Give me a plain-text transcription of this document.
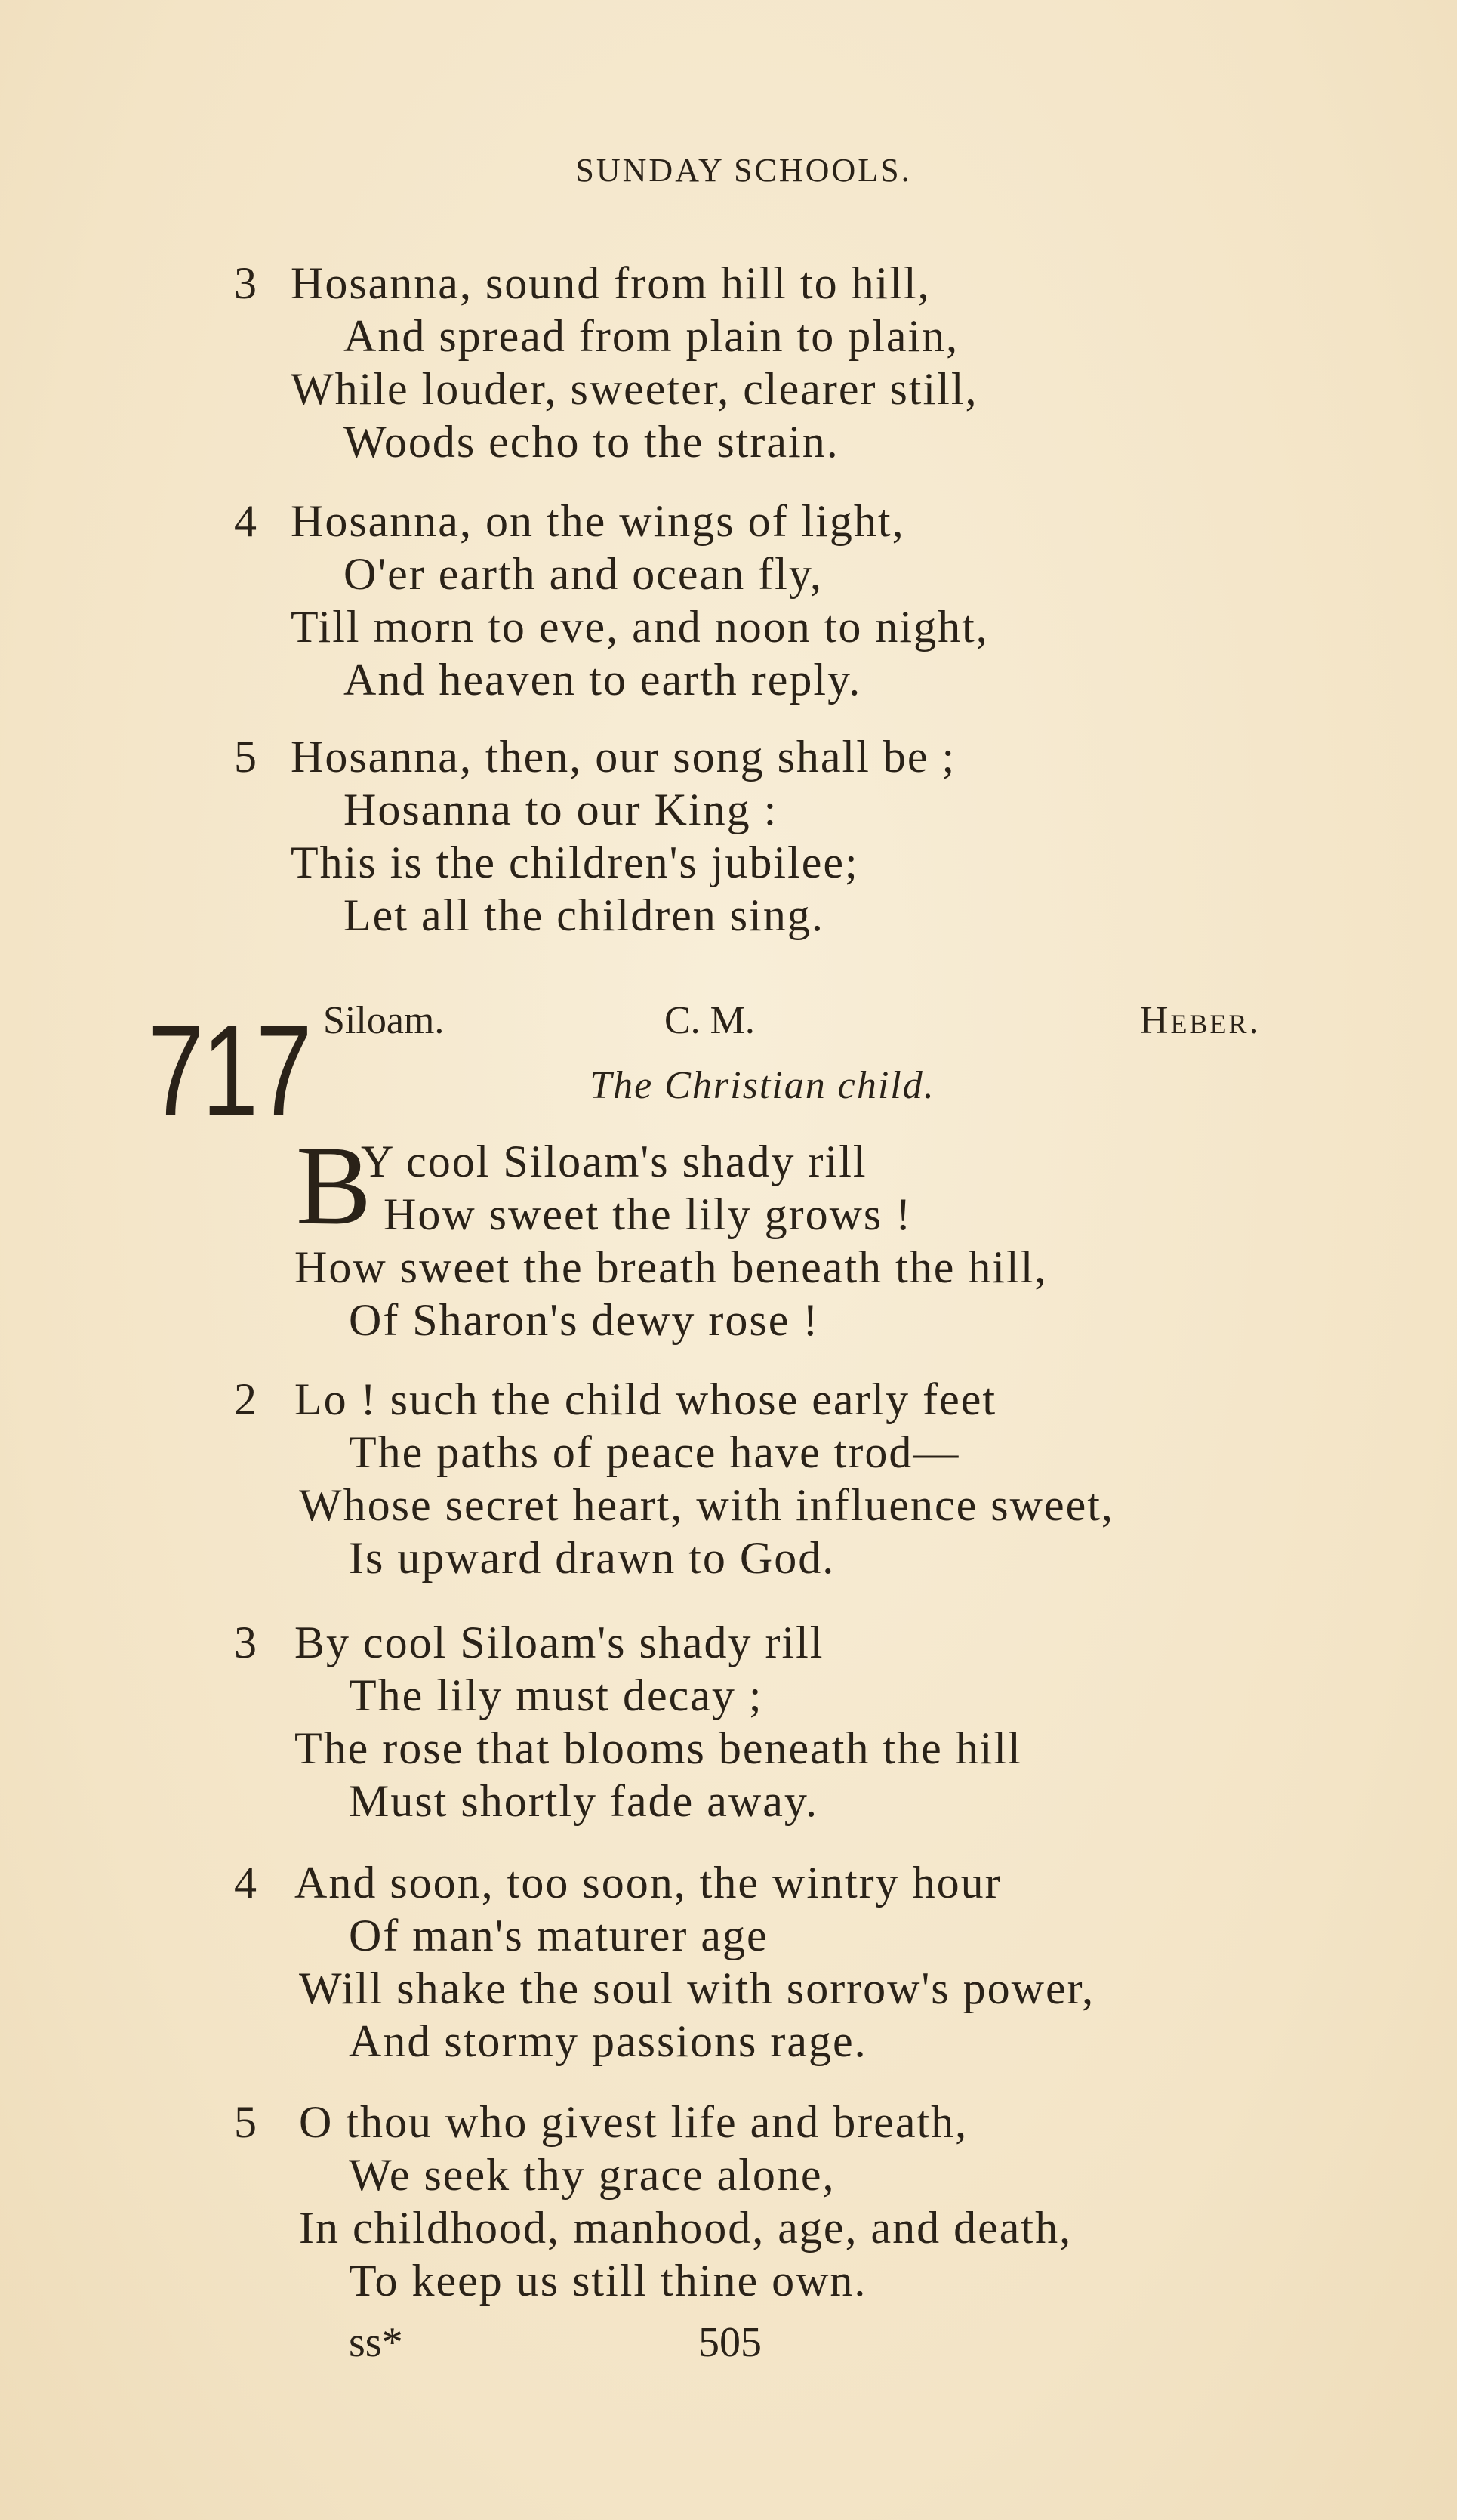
SUNDAY SCHOOLS.
3 Hosanna, sound from hill to hill,
And spread from plain to plain,
While louder, sweeter, clearer still,
Woods echo to the strain.
4 Hosanna, on the wings of light,
O'er earth and ocean fly,
Till morn to eve, and noon to night,
And heaven to earth reply.
5 Hosanna, then, our song shall be ;
Hosanna to our King :
This is the children's jubilee;
Let all the children sing.
717 Siloam.	C. M.	Heber.
The Christian child.
B
Y cool Siloam's shady rill
How sweet the lily grows !
How sweet the breath beneath the hill,
Of Sharon's dewy rose !
2 Lo ! such the child whose early feet
The paths of peace have trod—
Whose secret heart, with influence sweet,
Is upward drawn to God.
3 By cool Siloam's shady rill
The lily must decay ;
The rose that blooms beneath the hill
Must shortly fade away.
4 And soon, too soon, the wintry hour
Of man's maturer age
Will shake the soul with sorrow's power,
And stormy passions rage.
5 O thou who givest life and breath,
We seek thy grace alone,
In childhood, manhood, age, and death,
To keep us still thine own.
ss*	505
